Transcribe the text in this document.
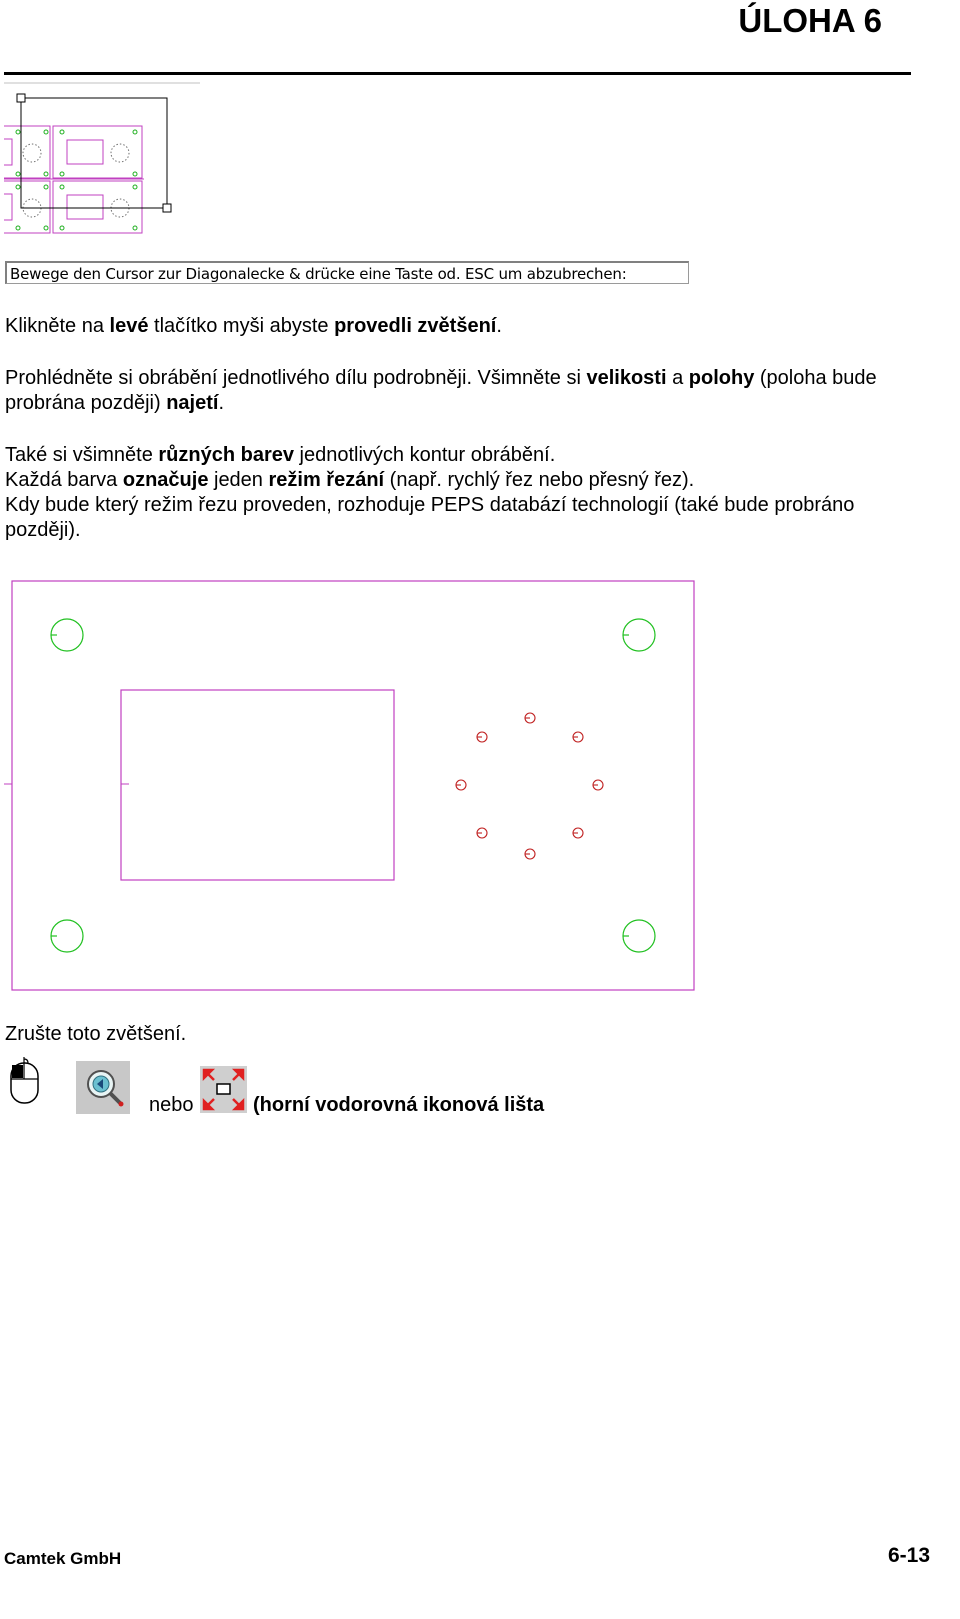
ÚLOHA 6
Bewege den Cursor zur Diagonalecke & drücke eine Taste od. ESC um abzubrechen:

Klikněte na levé tlačítko myši abyste provedli zvětšení.

Prohlédněte si obrábění jednotlivého dílu podrobněji. Všimněte si velikosti a polohy (poloha bude probrána později) najetí.

Také si všimněte různých barev jednotlivých kontur obrábění.
Každá barva označuje jeden režim řezání (např. rychlý řez nebo přesný řez).
Kdy bude který režim řezu proveden, rozhoduje PEPS databází technologií (také bude probráno později).

Zrušte toto zvětšení.

nebo	(horní vodorovná ikonová lišta
Camtek GmbH	6-13
